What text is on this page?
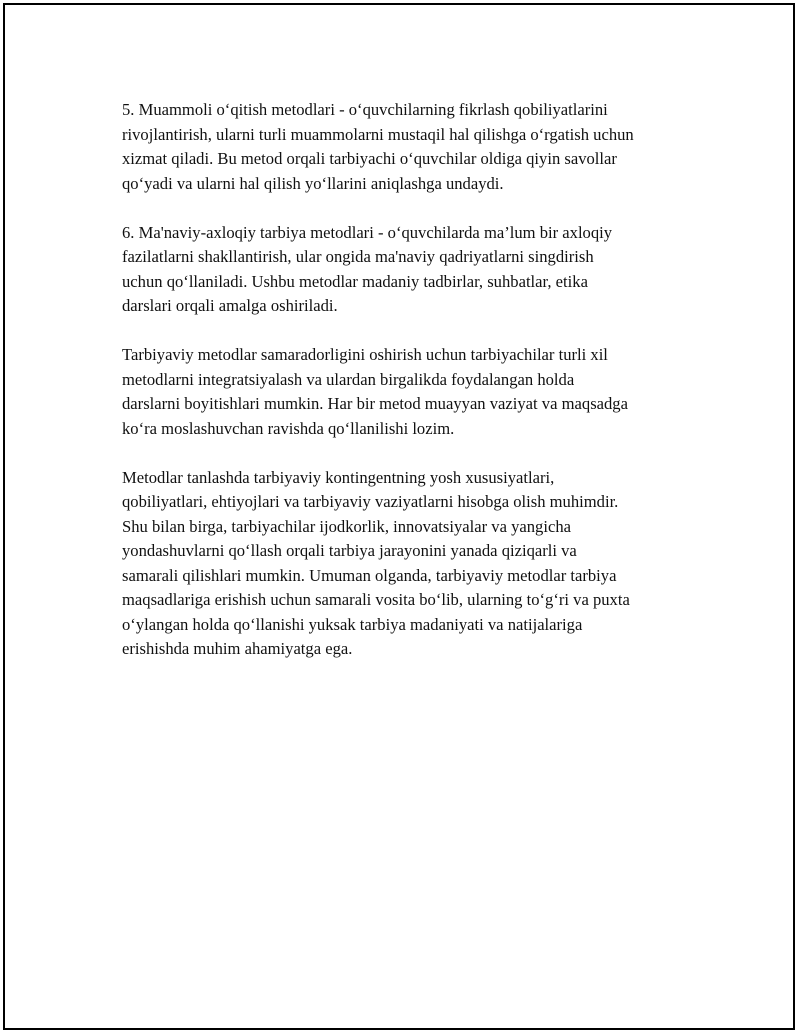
5. Muammoli o‘qitish metodlari - o‘quvchilarning fikrlash qobiliyatlarini
rivojlantirish, ularni turli muammolarni mustaqil hal qilishga o‘rgatish uchun
xizmat qiladi. Bu metod orqali tarbiyachi o‘quvchilar oldiga qiyin savollar
qo‘yadi va ularni hal qilish yo‘llarini aniqlashga undaydi.

6. Ma'naviy-axloqiy tarbiya metodlari - o‘quvchilarda ma’lum bir axloqiy
fazilatlarni shakllantirish, ular ongida ma'naviy qadriyatlarni singdirish
uchun qo‘llaniladi. Ushbu metodlar madaniy tadbirlar, suhbatlar, etika
darslari orqali amalga oshiriladi.

Tarbiyaviy metodlar samaradorligini oshirish uchun tarbiyachilar turli xil
metodlarni integratsiyalash va ulardan birgalikda foydalangan holda
darslarni boyitishlari mumkin. Har bir metod muayyan vaziyat va maqsadga
ko‘ra moslashuvchan ravishda qo‘llanilishi lozim.

Metodlar tanlashda tarbiyaviy kontingentning yosh xususiyatlari,
qobiliyatlari, ehtiyojlari va tarbiyaviy vaziyatlarni hisobga olish muhimdir.
Shu bilan birga, tarbiyachilar ijodkorlik, innovatsiyalar va yangicha
yondashuvlarni qo‘llash orqali tarbiya jarayonini yanada qiziqarli va
samarali qilishlari mumkin. Umuman olganda, tarbiyaviy metodlar tarbiya
maqsadlariga erishish uchun samarali vosita bo‘lib, ularning to‘g‘ri va puxta
o‘ylangan holda qo‘llanishi yuksak tarbiya madaniyati va natijalariga
erishishda muhim ahamiyatga ega.
